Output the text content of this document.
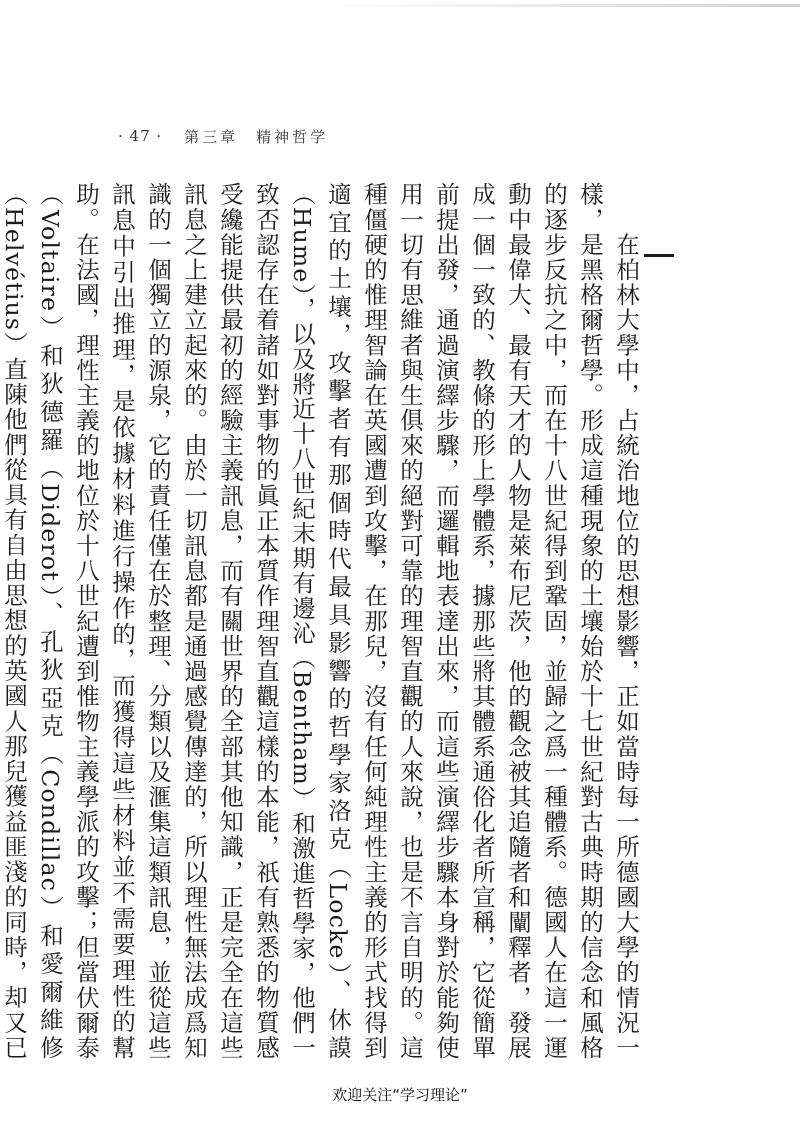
· 47 · 第三章　精神哲学
　　在柏林大學中，占統治地位的思想影響，正如當時每一所德國大學的情況一樣，是黑格爾哲學。形成這種現象的土壤始於十七世紀對古典時期的信念和風格的逐步反抗之中，而在十八世紀得到鞏固，並歸之爲一種體系。德國人在這一運動中最偉大、最有天才的人物是萊布尼茨，他的觀念被其追隨者和闡釋者，發展成一個一致的、教條的形上學體系，據那些將其體系通俗化者所宣稱，它從簡單前提出發，通過演繹步驟，而邏輯地表達出來，而這些演繹步驟本身對於能夠使用一切有思維者與生俱來的絕對可靠的理智直觀的人來說，也是不言自明的。這種僵硬的惟理智論在英國遭到攻擊，在那兒，沒有任何純理性主義的形式找得到適宜的土壤，攻擊者有那個時代最具影響的哲學家洛克（Locke）、休謨（Hume），以及將近十八世紀末期有邊沁（Bentham）和激進哲學家，他們一致否認存在着諸如對事物的眞正本質作理智直觀這樣的本能，祇有熟悉的物質感受纔能提供最初的經驗主義訊息，而有關世界的全部其他知識，正是完全在這些訊息之上建立起來的。由於一切訊息都是通過感覺傳達的，所以理性無法成爲知識的一個獨立的源泉，它的責任僅在於整理、分類以及滙集這類訊息，並從這些訊息中引出推理，是依據材料進行操作的，而獲得這些材料並不需要理性的幫助。在法國，理性主義的地位於十八世紀遭到惟物主義學派的攻擊；但當伏爾泰（Voltaire）和狄德羅（Diderot）、孔狄亞克（Condillac）和愛爾維修（Helvétius）直陳他們從具有自由思想的英國人那兒獲益匪淺的同時，却又已
欢迎关注“学习理论”
